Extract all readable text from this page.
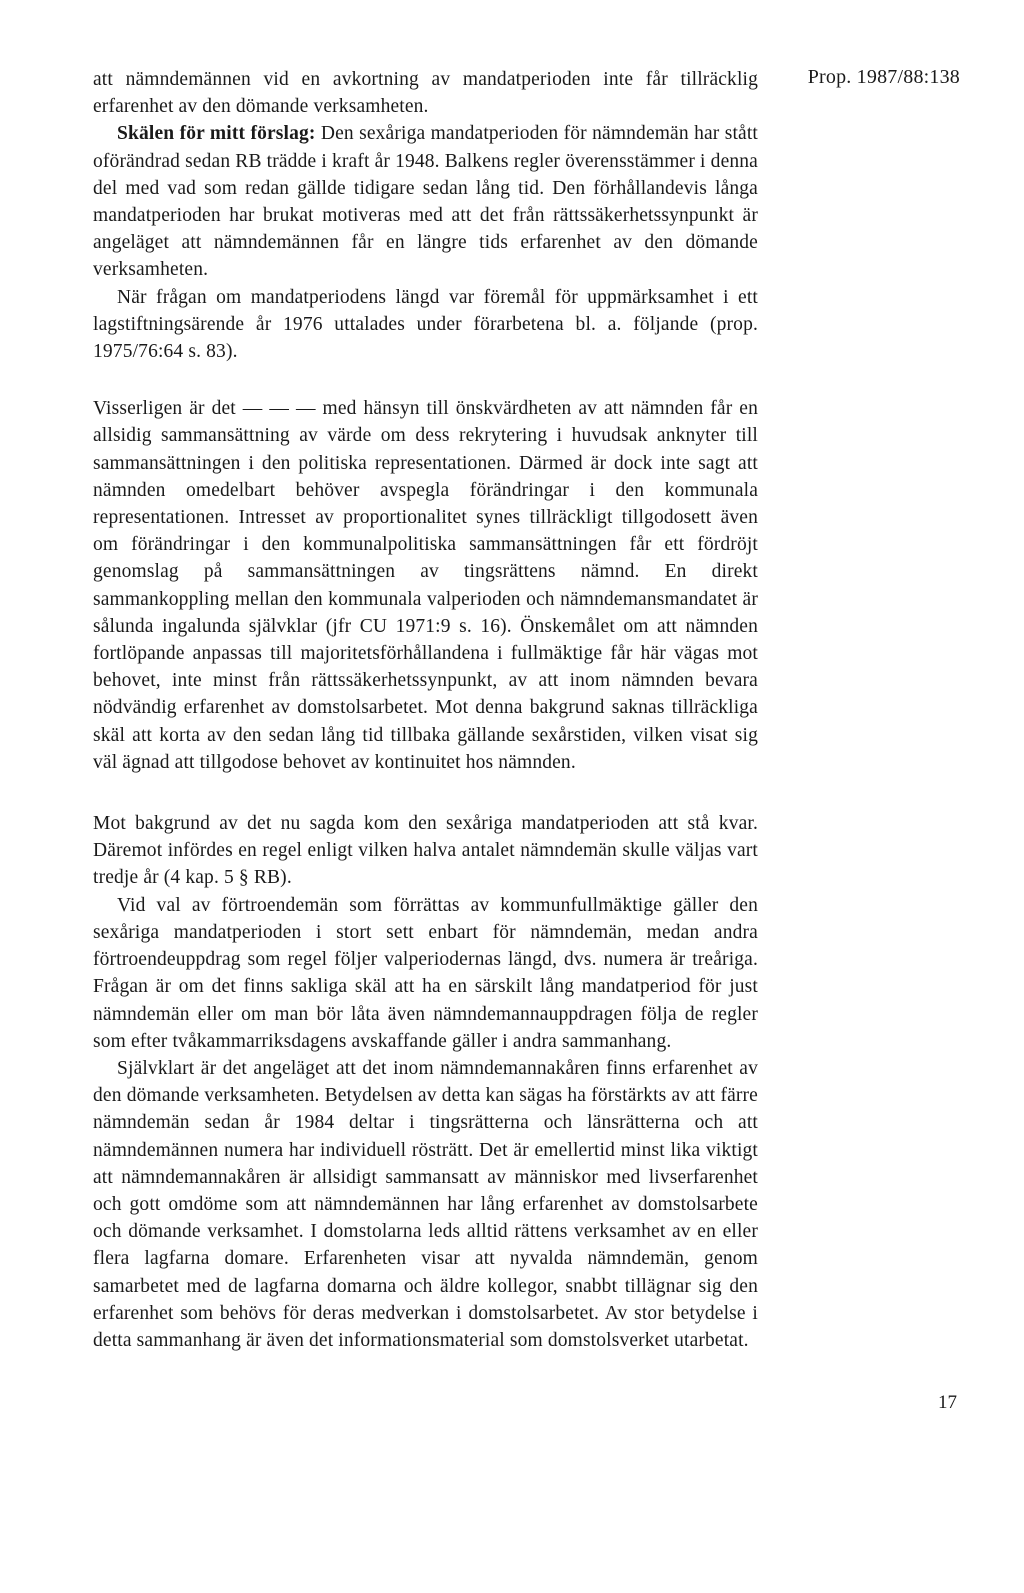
Prop. 1987/88:138

att nämndemännen vid en avkortning av mandatperioden inte får tillräcklig erfarenhet av den dömande verksamheten.

Skälen för mitt förslag: Den sexåriga mandatperioden för nämndemän har stått oförändrad sedan RB trädde i kraft år 1948. Balkens regler överensstämmer i denna del med vad som redan gällde tidigare sedan lång tid. Den förhållandevis långa mandatperioden har brukat motiveras med att det från rättssäkerhetssynpunkt är angeläget att nämndemännen får en längre tids erfarenhet av den dömande verksamheten.

När frågan om mandatperiodens längd var föremål för uppmärksamhet i ett lagstiftningsärende år 1976 uttalades under förarbetena bl. a. följande (prop. 1975/76:64 s. 83).

Visserligen är det — — — med hänsyn till önskvärdheten av att nämnden får en allsidig sammansättning av värde om dess rekrytering i huvudsak anknyter till sammansättningen i den politiska representationen. Därmed är dock inte sagt att nämnden omedelbart behöver avspegla förändringar i den kommunala representationen. Intresset av proportionalitet synes tillräckligt tillgodosett även om förändringar i den kommunalpolitiska sammansättningen får ett fördröjt genomslag på sammansättningen av tingsrättens nämnd. En direkt sammankoppling mellan den kommunala valperioden och nämndemansmandatet är sålunda ingalunda självklar (jfr CU 1971:9 s. 16). Önskemålet om att nämnden fortlöpande anpassas till majoritetsförhållandena i fullmäktige får här vägas mot behovet, inte minst från rättssäkerhetssynpunkt, av att inom nämnden bevara nödvändig erfarenhet av domstolsarbetet. Mot denna bakgrund saknas tillräckliga skäl att korta av den sedan lång tid tillbaka gällande sexårstiden, vilken visat sig väl ägnad att tillgodose behovet av kontinuitet hos nämnden.

Mot bakgrund av det nu sagda kom den sexåriga mandatperioden att stå kvar. Däremot infördes en regel enligt vilken halva antalet nämndemän skulle väljas vart tredje år (4 kap. 5 § RB).

Vid val av förtroendemän som förrättas av kommunfullmäktige gäller den sexåriga mandatperioden i stort sett enbart för nämndemän, medan andra förtroendeuppdrag som regel följer valperiodernas längd, dvs. numera är treåriga. Frågan är om det finns sakliga skäl att ha en särskilt lång mandatperiod för just nämndemän eller om man bör låta även nämndemannauppdragen följa de regler som efter tvåkammarriksdagens avskaffande gäller i andra sammanhang.

Självklart är det angeläget att det inom nämndemannakåren finns erfarenhet av den dömande verksamheten. Betydelsen av detta kan sägas ha förstärkts av att färre nämndemän sedan år 1984 deltar i tingsrätterna och länsrätterna och att nämndemännen numera har individuell rösträtt. Det är emellertid minst lika viktigt att nämndemannakåren är allsidigt sammansatt av människor med livserfarenhet och gott omdöme som att nämndemännen har lång erfarenhet av domstolsarbete och dömande verksamhet. I domstolarna leds alltid rättens verksamhet av en eller flera lagfarna domare. Erfarenheten visar att nyvalda nämndemän, genom samarbetet med de lagfarna domarna och äldre kollegor, snabbt tillägnar sig den erfarenhet som behövs för deras medverkan i domstolsarbetet. Av stor betydelse i detta sammanhang är även det informationsmaterial som domstolsverket utarbetat.

17
